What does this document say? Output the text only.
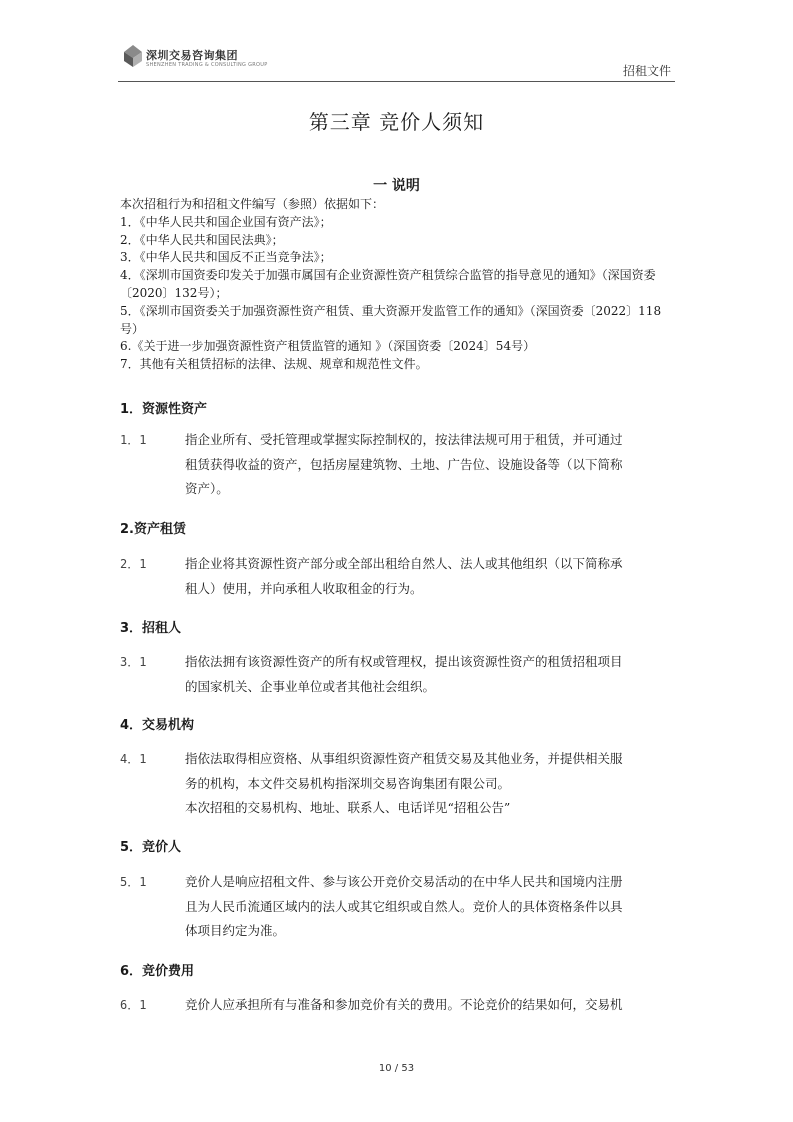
深圳交易咨询集团
SHENZHEN TRADING & CONSULTING GROUP	招租文件
第三章 竞价人须知
一 说明

本次招租行为和招租文件编写（参照）依据如下：

1．《中华人民共和国企业国有资产法》；

2．《中华人民共和国民法典》；

3．《中华人民共和国反不正当竞争法》；

4．《深圳市国资委印发关于加强市属国有企业资源性资产租赁综合监管的指导意见的通知》（深国资委〔2020〕132号）；

5．《深圳市国资委关于加强资源性资产租赁、重大资源开发监管工作的通知》（深国资委〔2022〕118号）

6.《关于进一步加强资源性资产租赁监管的通知 》（深国资委〔2024〕54号）

7．其他有关租赁招标的法律、法规、规章和规范性文件。

1．资源性资产
1．1	指企业所有、受托管理或掌握实际控制权的，按法律法规可用于租赁，并可通过

租赁获得收益的资产，包括房屋建筑物、土地、广告位、设施设备等（以下简称

资产）。

2.资产租赁
2．1	指企业将其资源性资产部分或全部出租给自然人、法人或其他组织（以下简称承

租人）使用，并向承租人收取租金的行为。

3．招租人
3．1	指依法拥有该资源性资产的所有权或管理权，提出该资源性资产的租赁招租项目

的国家机关、企事业单位或者其他社会组织。

4．交易机构
4．1	指依法取得相应资格、从事组织资源性资产租赁交易及其他业务，并提供相关服

务的机构，本文件交易机构指深圳交易咨询集团有限公司。

本次招租的交易机构、地址、联系人、电话详见“招租公告”

5．竞价人
5．1	竞价人是响应招租文件、参与该公开竞价交易活动的在中华人民共和国境内注册

且为人民币流通区域内的法人或其它组织或自然人。竞价人的具体资格条件以具

体项目约定为准。

6．竞价费用
6．1	竞价人应承担所有与准备和参加竞价有关的费用。不论竞价的结果如何，交易机

10 / 53
